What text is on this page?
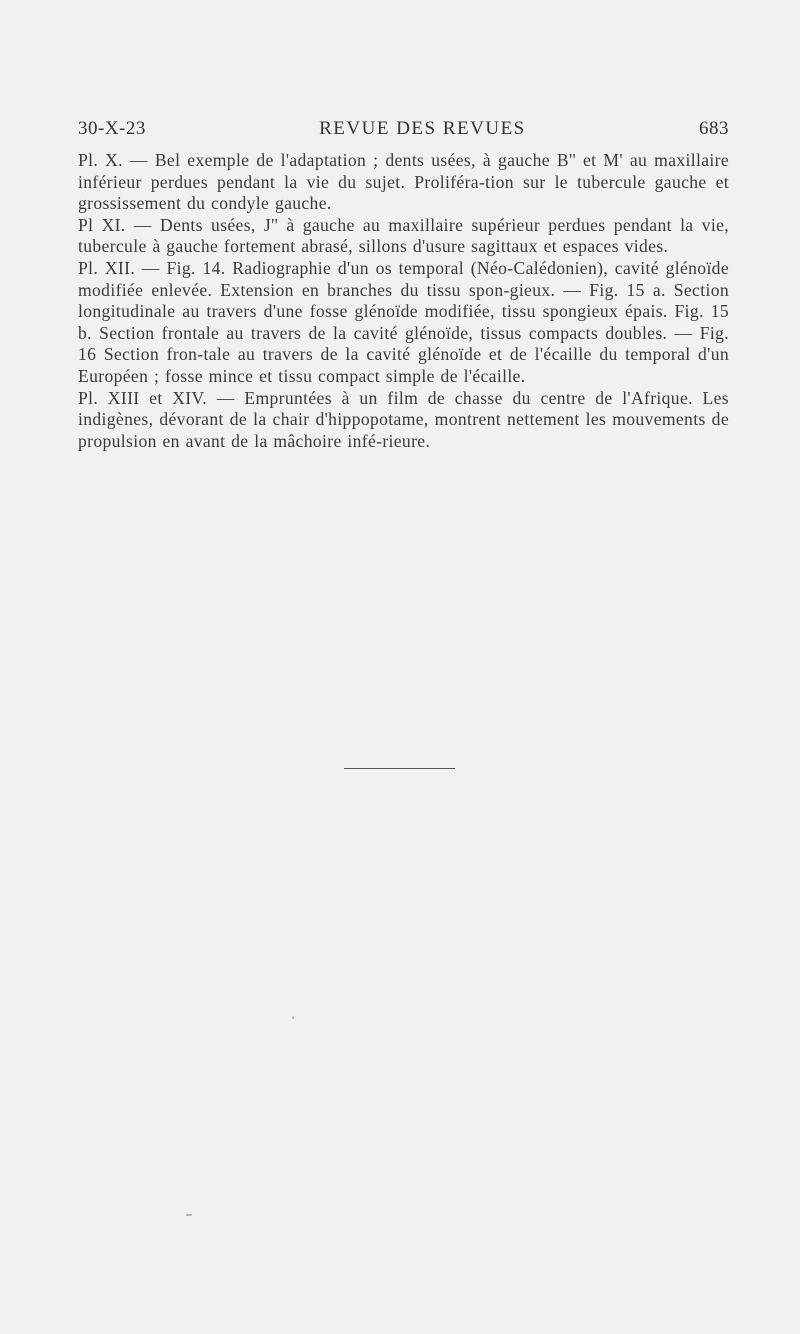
30-X-23	REVUE DES REVUES	683

Pl. X. — Bel exemple de l'adaptation ; dents usées, à gauche B'' et M' au maxillaire inférieur perdues pendant la vie du sujet. Proliféra-tion sur le tubercule gauche et grossissement du condyle gauche.

Pl XI. — Dents usées, J'' à gauche au maxillaire supérieur perdues pendant la vie, tubercule à gauche fortement abrasé, sillons d'usure sagittaux et espaces vides.

Pl. XII. — Fig. 14. Radiographie d'un os temporal (Néo-Calédonien), cavité glénoïde modifiée enlevée. Extension en branches du tissu spon-gieux. — Fig. 15 a. Section longitudinale au travers d'une fosse glénoïde modifiée, tissu spongieux épais. Fig. 15 b. Section frontale au travers de la cavité glénoïde, tissus compacts doubles. — Fig. 16 Section fron-tale au travers de la cavité glénoïde et de l'écaille du temporal d'un Européen ; fosse mince et tissu compact simple de l'écaille.

Pl. XIII et XIV. — Empruntées à un film de chasse du centre de l'Afrique. Les indigènes, dévorant de la chair d'hippopotame, montrent nettement les mouvements de propulsion en avant de la mâchoire infé-rieure.
